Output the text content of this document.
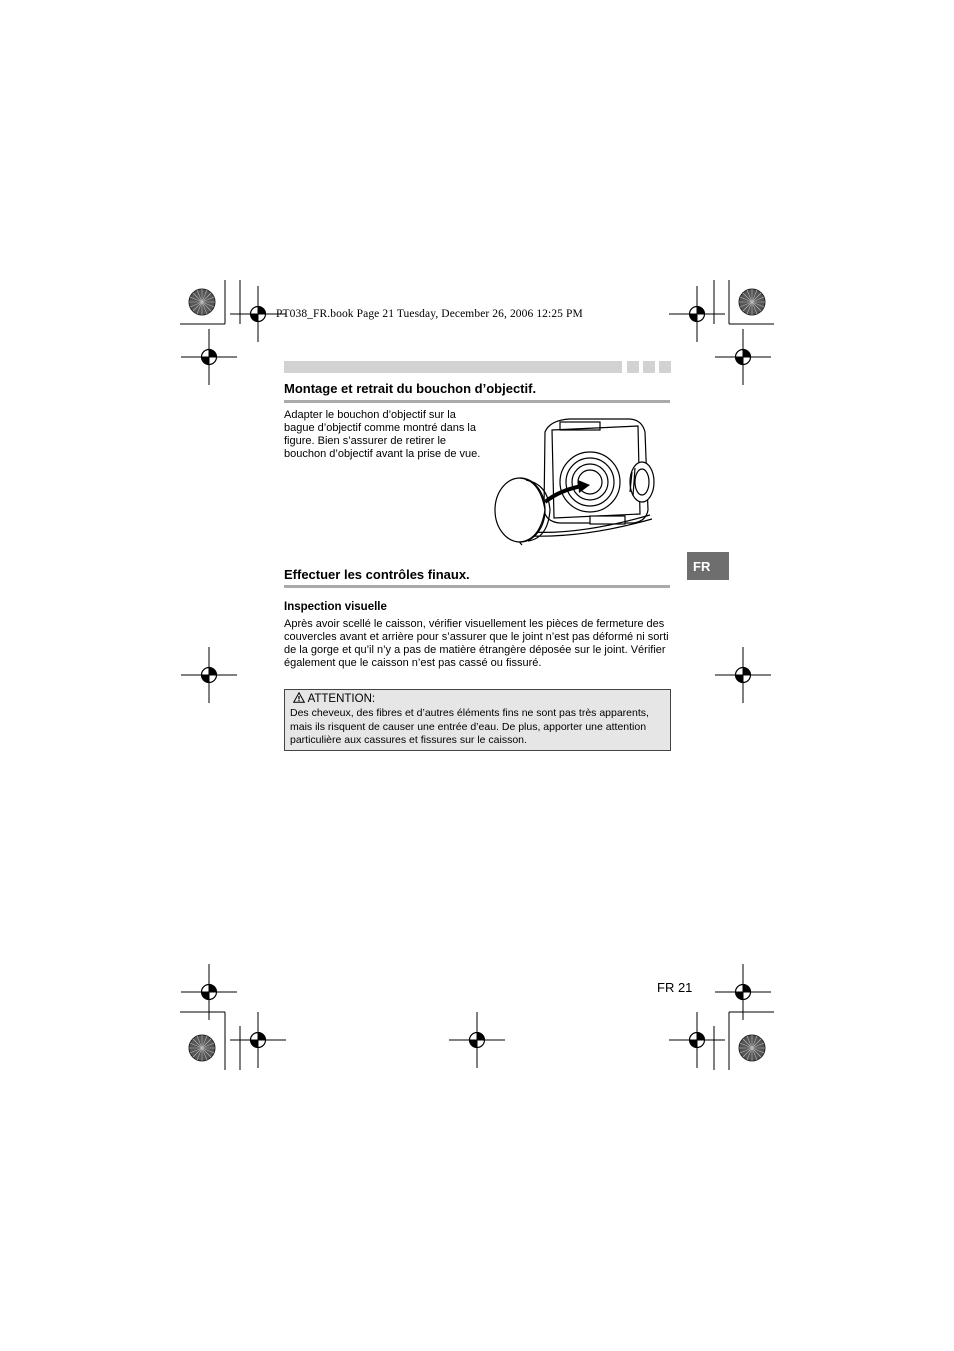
PT038_FR.book Page 21 Tuesday, December 26, 2006 12:25 PM
Montage et retrait du bouchon d’objectif.
Adapter le bouchon d’objectif sur la bague d’objectif comme montré dans la figure. Bien s’assurer de retirer le bouchon d’objectif avant la prise de vue.
Effectuer les contrôles finaux.
Inspection visuelle
Après avoir scellé le caisson, vérifier visuellement les pièces de fermeture des couvercles avant et arrière pour s’assurer que le joint n’est pas déformé ni sorti de la gorge et qu’il n’y a pas de matière étrangère déposée sur le joint. Vérifier également que le caisson n’est pas cassé ou fissuré.
ATTENTION:
Des cheveux, des fibres et d’autres éléments fins ne sont pas très apparents, mais ils risquent de causer une entrée d’eau. De plus, apporter une attention particulière aux cassures et fissures sur le caisson.
FR
FR 21
